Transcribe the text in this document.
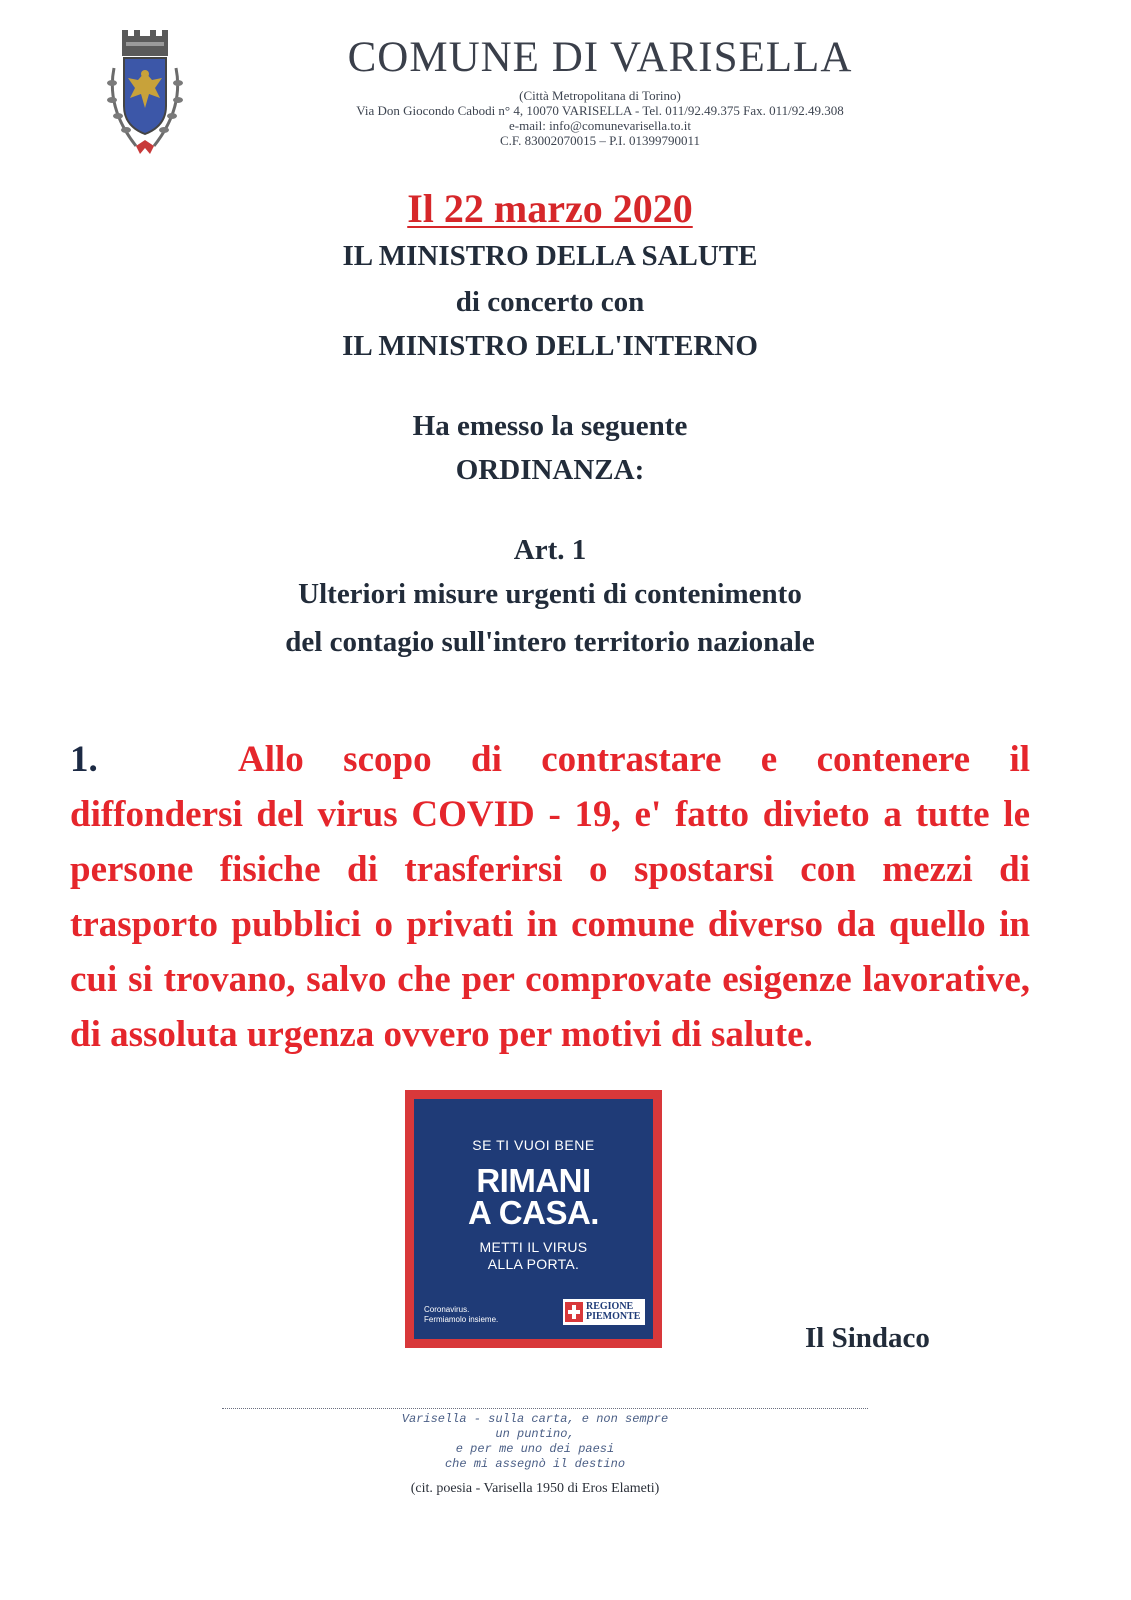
COMUNE DI VARISELLA
(Città Metropolitana di Torino)
Via Don Giocondo Cabodi n° 4, 10070 VARISELLA - Tel. 011/92.49.375 Fax. 011/92.49.308
e-mail: info@comunevarisella.to.it
C.F. 83002070015 – P.I. 01399790011
Il 22 marzo 2020
IL MINISTRO DELLA SALUTE
di concerto con
IL MINISTRO DELL'INTERNO
Ha emesso la seguente
ORDINANZA:
Art. 1
Ulteriori misure urgenti di contenimento
del contagio sull'intero territorio nazionale
1.	Allo scopo di contrastare e contenere il diffondersi del virus COVID - 19, e' fatto divieto a tutte le persone fisiche di trasferirsi o spostarsi con mezzi di trasporto pubblici o privati in comune diverso da quello in cui si trovano, salvo che per comprovate esigenze lavorative, di assoluta urgenza ovvero per motivi di salute.
SE TI VUOI BENE
RIMANI
A CASA.
METTI IL VIRUS
ALLA PORTA.
Coronavirus.
Fermiamolo insieme.
REGIONE
PIEMONTE
Il Sindaco
Varisella - sulla carta, e non sempre
un puntino,
e per me uno dei paesi
che mi assegnò il destino
(cit. poesia - Varisella 1950 di Eros Elameti)
